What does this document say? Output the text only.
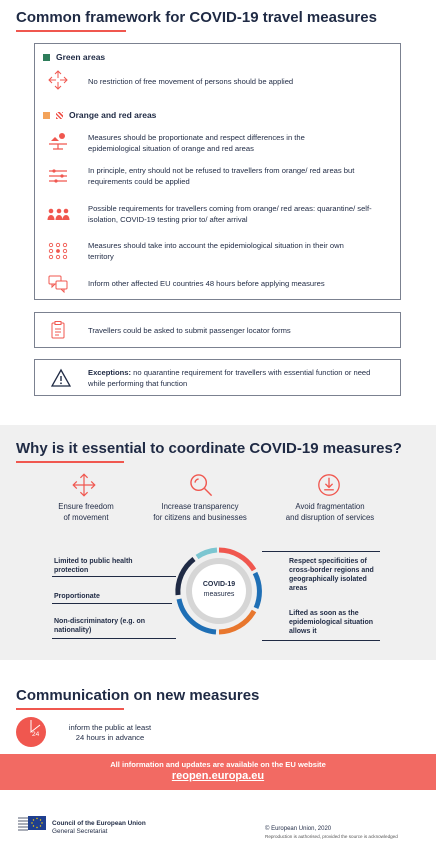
Common framework for COVID-19 travel measures
Green areas
No restriction of free movement of persons should be applied
Orange and red areas
Measures should be proportionate and respect differences in the epidemiological situation of orange and red areas
In principle, entry should not be refused to travellers from orange/ red areas but requirements could be applied
Possible requirements for travellers coming from orange/ red areas: quarantine/ self-isolation, COVID-19 testing prior to/ after arrival
Measures should take into account the epidemiological situation in their own territory
Inform other affected EU countries 48 hours before applying measures
Travellers could be asked to submit passenger locator forms
Exceptions: no quarantine requirement for travellers with essential function or need while performing that function
Why is it essential to coordinate COVID-19 measures?
Ensure freedom
of movement
Increase transparency
for citizens and businesses
Avoid fragmentation
and disruption of services
COVID-19
measures
Limited to public health protection
Proportionate
Non-discriminatory (e.g. on nationality)
Respect specificities of cross-border regions and geographically isolated areas
Lifted as soon as the epidemiological situation allows it
Communication on new measures
24
inform the public at least
24 hours in advance
All information and updates are available on the EU website
reopen.europa.eu
Council of the European Union
General Secretariat	© European Union, 2020
Reproduction is authorised, provided the source is acknowledged
